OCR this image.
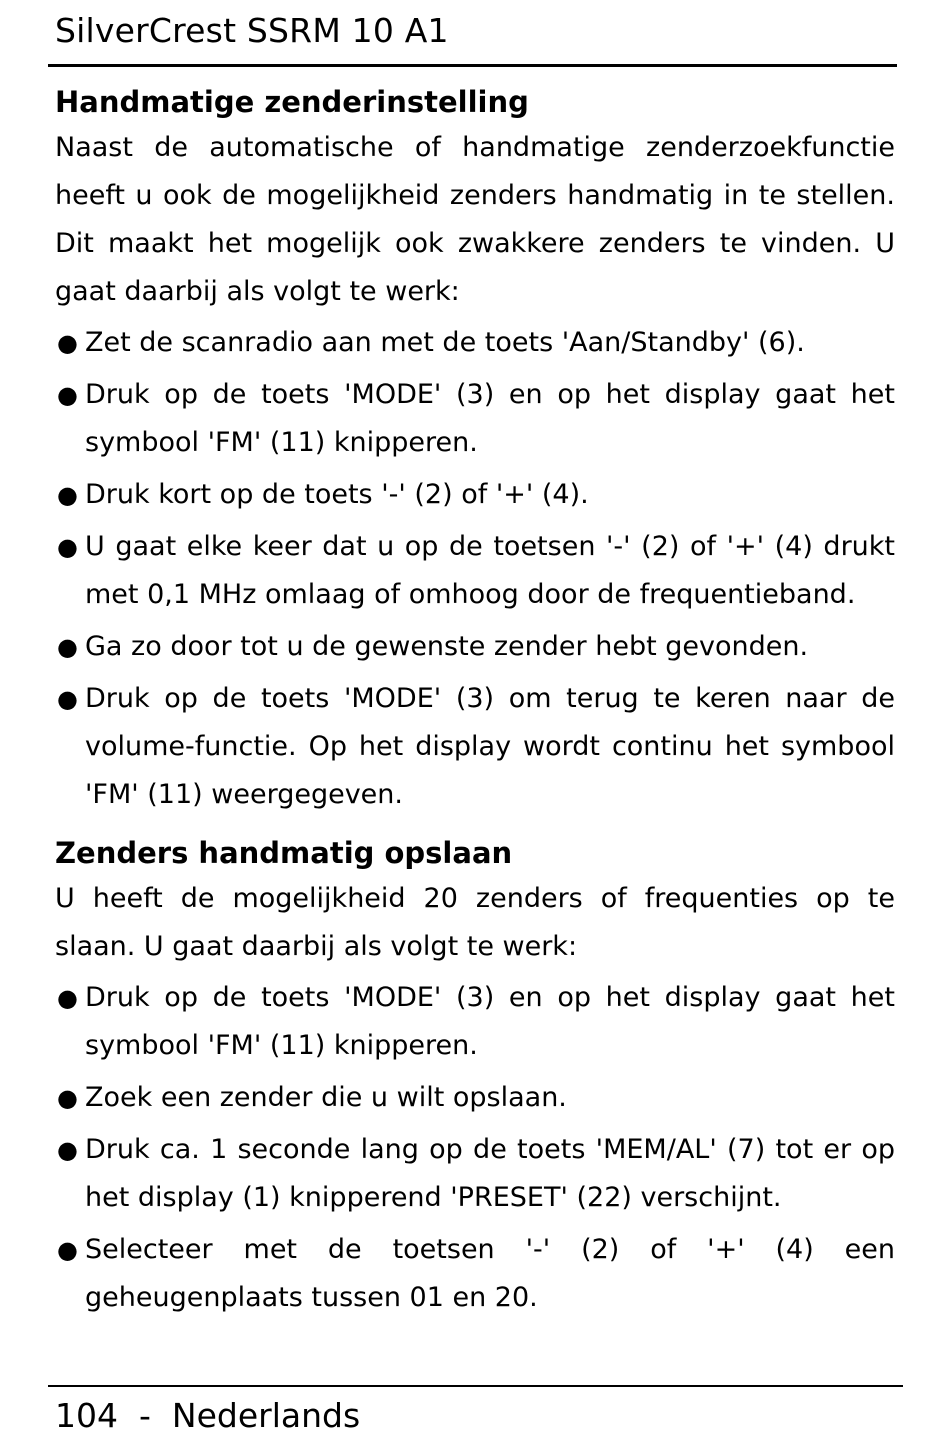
SilverCrest SSRM 10 A1
Handmatige zenderinstelling

Naast de automatische of handmatige zenderzoekfunctie heeft u ook de mogelijkheid zenders handmatig in te stellen. Dit maakt het mogelijk ook zwakkere zenders te vinden. U gaat daarbij als volgt te werk:

● Zet de scanradio aan met de toets 'Aan/Standby' (6).
● Druk op de toets 'MODE' (3) en op het display gaat het symbool 'FM' (11) knipperen.
● Druk kort op de toets '-' (2) of '+' (4).
● U gaat elke keer dat u op de toetsen '-' (2) of '+' (4) drukt met 0,1 MHz omlaag of omhoog door de frequentieband.
● Ga zo door tot u de gewenste zender hebt gevonden.
● Druk op de toets 'MODE' (3) om terug te keren naar de volume-functie. Op het display wordt continu het symbool 'FM' (11) weergegeven.
Zenders handmatig opslaan

U heeft de mogelijkheid 20 zenders of frequenties op te slaan. U gaat daarbij als volgt te werk:

● Druk op de toets 'MODE' (3) en op het display gaat het symbool 'FM' (11) knipperen.
● Zoek een zender die u wilt opslaan.
● Druk ca. 1 seconde lang op de toets 'MEM/AL' (7) tot er op het display (1) knipperend 'PRESET' (22) verschijnt.
● Selecteer met de toetsen '-' (2) of '+' (4) een geheugenplaats tussen 01 en 20.
104 - Nederlands
